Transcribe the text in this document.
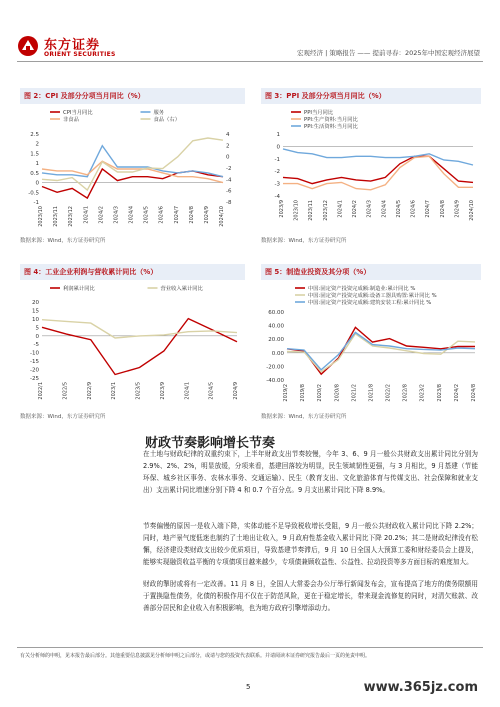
东方证券
ORIENT SECURITIES	宏观经济 | 策略报告 —— 提前寻春：2025年中国宏观经济展望
图 2：CPI 及部分分项当月同比（%）
-1
-0.5
0
0.5
1
1.5
2
2.5
-8
-6
-4
-2
0
2
4
2023/10 2023/11 2023/12 2024/1 2024/2 2024/3 2024/4 2024/5 2024/6 2024/7 2024/8 2024/9 2024/10
CPI当月同比	服务
非食品	食品（右）
数据来源：Wind，东方证券研究所
图 3：PPI 及部分分项当月同比（%）
-4
-3
-2
-1
0
1
2023/9 2023/10 2023/11 2023/12 2024/1 2024/2 2024/3 2024/4 2024/5 2024/6 2024/7 2024/8 2024/9 2024/10
PPI当月同比
PPI:生产资料:当月同比
PPI:生活资料:当月同比
数据来源：Wind，东方证券研究所
图 4：工业企业利润与营收累计同比（%）
-25
-20
-15
-10
-5
0
5
10
15
20
2022/1	2022/5	2022/9	2023/1	2023/5	2023/9	2024/1	2024/5	2024/9
利润累计同比	营业收入累计同比
数据来源：Wind，东方证券研究所
图 5：制造业投资及其分项（%）
-40.00
-20.00
0.00
20.00
40.00
60.00
2019/2 2019/8 2020/2 2020/8 2021/2 2021/8 2022/2 2022/8 2023/2 2023/8 2024/2 2024/8
中国:固定资产投资完成额:制造业:累计同比 %
中国:固定资产投资完成额:设备工器具购置:累计同比 %
中国:固定资产投资完成额:建筑安装工程:累计同比 %
数据来源：Wind，东方证券研究所
财政节奏影响增长节奏
在土地与财政纪律的双重约束下，上半年财政支出节奏较慢，今年 3、6、9 月一般公共财政支出累计同比分别为 2.9%、2%、2%，明显放缓，分项来看，基建回落较为明显，民生领域韧性更强，与 3 月相比，9 月基建（节能环保、城乡社区事务、农林水事务、交通运输）、民生（教育支出、文化旅游体育与传媒支出、社会保障和就业支出）支出累计同比增速分别下降 4 和 0.7 个百分点。9 月支出累计同比下降 8.9%。
节奏偏慢的原因一是收入端下降，实体动能不足导致税收增长受阻，9 月一般公共财政收入累计同比下降 2.2%；同时，地产景气度低迷也制约了土地出让收入，9 月政府性基金收入累计同比下降 20.2%；其二是财政纪律没有松懈，经济建设类财政支出较少优质项目，导致基建节奏滞后，9 月 10 日全国人大预算工委和财经委员会上提及，能够实现融资收益平衡的专项债项目越来越少，专项债兼顾收益性、公益性、拉动投资等多方面目标的难度加大。
财政的掣肘或将有一定改善。11 月 8 日，全国人大常委会办公厅举行新闻发布会，宣布提高了地方的债务限额用于置换隐性债务，化债的积极作用不仅在于防范风险，更在于稳定增长，带来现金流修复的同时，对清欠账款、改善部分居民和企业收入有积极影响，也为地方政府引擎增添动力。
有关分析师的申明，见本报告最后部分。其他重要信息披露见分析师申明之后部分，或请与您的投资代表联系。并请阅读本证券研究报告最后一页的免责申明。
5	www.365jz.com
